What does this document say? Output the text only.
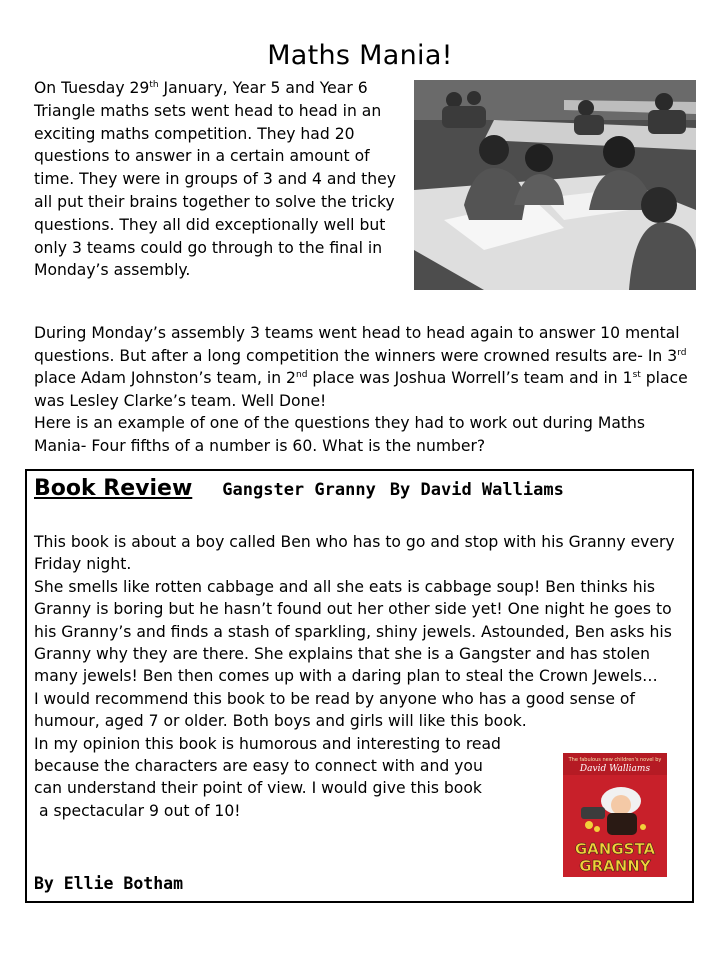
Maths Mania!
On Tuesday 29th January, Year 5 and Year 6 Triangle maths sets went head to head in an exciting maths competition. They had 20 questions to answer in a certain amount of time. They were in groups of 3 and 4 and they all put their brains together to solve the tricky questions. They all did exceptionally well but only 3 teams could go through to the final in Monday’s assembly.

During Monday’s assembly 3 teams went head to head again to answer 10 mental questions. But after a long competition the winners were crowned results are- In 3rd place Adam Johnston’s team, in 2nd place was Joshua Worrell’s team and in 1st place was Lesley Clarke’s team. Well Done!

Here is an example of one of the questions they had to work out during Maths Mania- Four fifths of a number is 60. What is the number?

Book Review Gangster Granny By David Walliams

This book is about a boy called Ben who has to go and stop with his Granny every Friday night.

She smells like rotten cabbage and all she eats is cabbage soup! Ben thinks his Granny is boring but he hasn’t found out her other side yet! One night he goes to his Granny’s and finds a stash of sparkling, shiny jewels. Astounded, Ben asks his Granny why they are there. She explains that she is a Gangster and has stolen many jewels! Ben then comes up with a daring plan to steal the Crown Jewels…

I would recommend this book to be read by anyone who has a good sense of humour, aged 7 or older. Both boys and girls will like this book.

In my opinion this book is humorous and interesting to read

because the characters are easy to connect with and you

can understand their point of view. I would give this book

a spectacular 9 out of 10!

By Ellie Botham
The fabulous new children's novel by
David Walliams
GANGSTA
GRANNY
